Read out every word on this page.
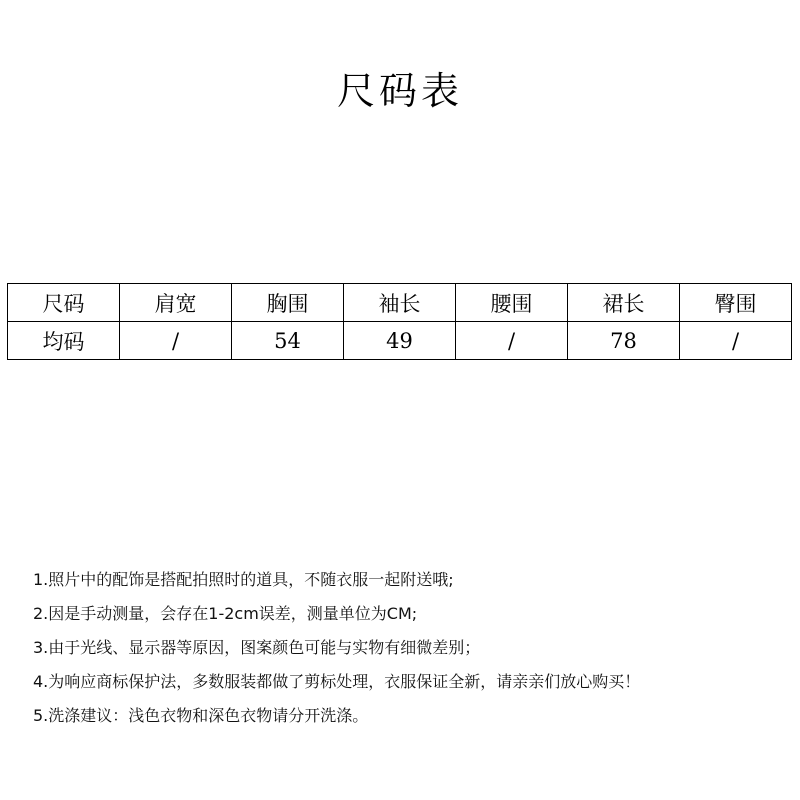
尺码表
尺码	肩宽	胸围	袖长	腰围	裙长	臀围
均码	/	54	49	/	78	/
1.照片中的配饰是搭配拍照时的道具，不随衣服一起附送哦;
2.因是手动测量，会存在1-2cm误差，测量单位为CM;
3.由于光线、显示器等原因，图案颜色可能与实物有细微差别；
4.为响应商标保护法，多数服装都做了剪标处理，衣服保证全新，请亲亲们放心购买！
5.洗涤建议：浅色衣物和深色衣物请分开洗涤。
